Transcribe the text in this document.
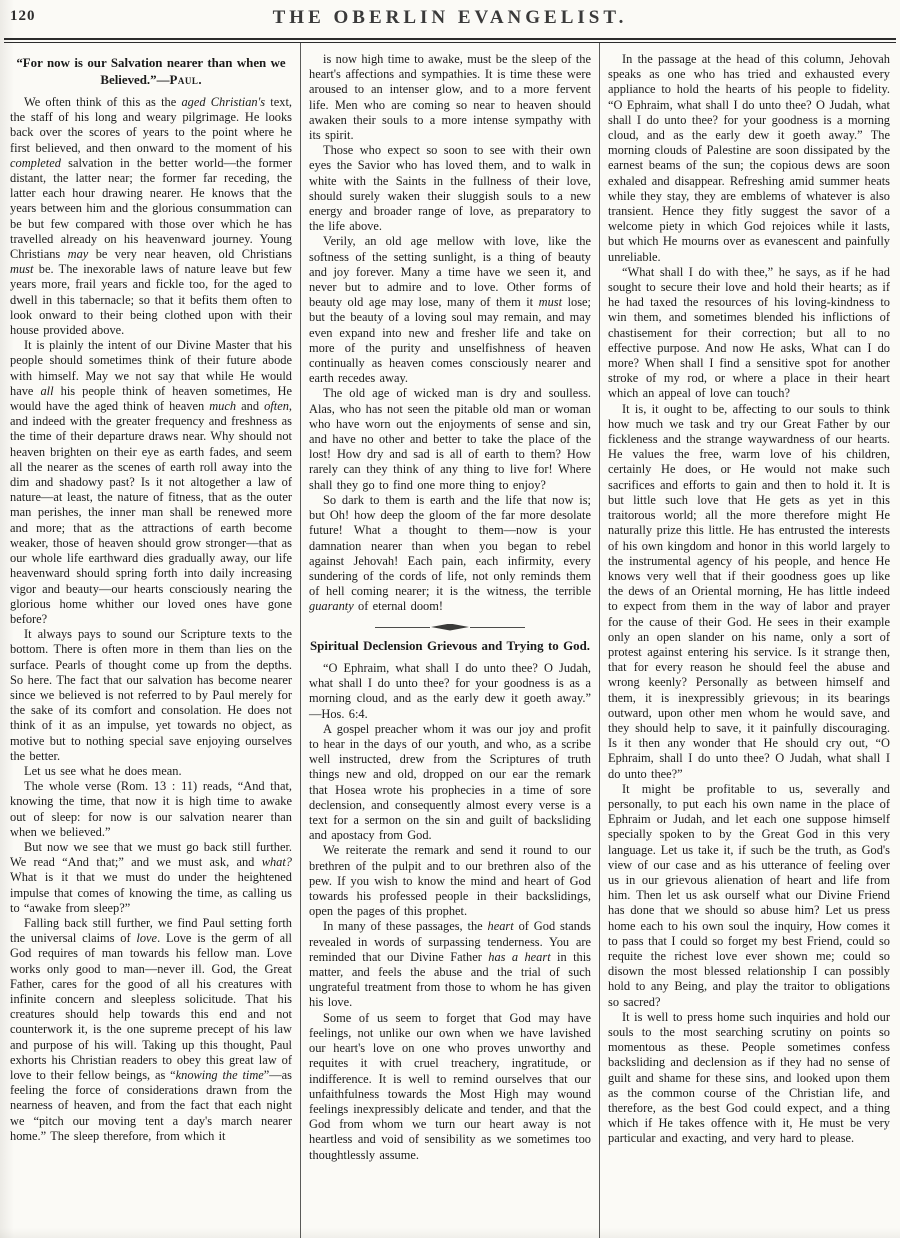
120	THE OBERLIN EVANGELIST.
“For now is our Salvation nearer than when we Believed.”—Paul.

We often think of this as the aged Christian's text, the staff of his long and weary pilgrimage. He looks back over the scores of years to the point where he first believed, and then onward to the moment of his completed salvation in the better world—the former distant, the latter near; the former far receding, the latter each hour drawing nearer. He knows that the years between him and the glorious consummation can be but few compared with those over which he has travelled already on his heavenward journey. Young Christians may be very near heaven, old Christians must be. The inexorable laws of nature leave but few years more, frail years and fickle too, for the aged to dwell in this tabernacle; so that it befits them often to look onward to their being clothed upon with their house provided above.

It is plainly the intent of our Divine Master that his people should sometimes think of their future abode with himself. May we not say that while He would have all his people think of heaven sometimes, He would have the aged think of heaven much and often, and indeed with the greater frequency and freshness as the time of their departure draws near. Why should not heaven brighten on their eye as earth fades, and seem all the nearer as the scenes of earth roll away into the dim and shadowy past? Is it not altogether a law of nature—at least, the nature of fitness, that as the outer man perishes, the inner man shall be renewed more and more; that as the attractions of earth become weaker, those of heaven should grow stronger—that as our whole life earthward dies gradually away, our life heavenward should spring forth into daily increasing vigor and beauty—our hearts consciously nearing the glorious home whither our loved ones have gone before?

It always pays to sound our Scripture texts to the bottom. There is often more in them than lies on the surface. Pearls of thought come up from the depths. So here. The fact that our salvation has become nearer since we believed is not referred to by Paul merely for the sake of its comfort and consolation. He does not think of it as an impulse, yet towards no object, as motive but to nothing special save enjoying ourselves the better.

Let us see what he does mean.

The whole verse (Rom. 13 : 11) reads, “And that, knowing the time, that now it is high time to awake out of sleep: for now is our salvation nearer than when we believed.”

But now we see that we must go back still further. We read “And that;” and we must ask, and what? What is it that we must do under the heightened impulse that comes of knowing the time, as calling us to “awake from sleep?”

Falling back still further, we find Paul setting forth the universal claims of love. Love is the germ of all God requires of man towards his fellow man. Love works only good to man—never ill. God, the Great Father, cares for the good of all his creatures with infinite concern and sleepless solicitude. That his creatures should help towards this end and not counterwork it, is the one supreme precept of his law and purpose of his will. Taking up this thought, Paul exhorts his Christian readers to obey this great law of love to their fellow beings, as “knowing the time”—as feeling the force of considerations drawn from the nearness of heaven, and from the fact that each night we “pitch our moving tent a day's march nearer home.” The sleep therefore, from which it

is now high time to awake, must be the sleep of the heart's affections and sympathies. It is time these were aroused to an intenser glow, and to a more fervent life. Men who are coming so near to heaven should awaken their souls to a more intense sympathy with its spirit.

Those who expect so soon to see with their own eyes the Savior who has loved them, and to walk in white with the Saints in the fullness of their love, should surely waken their sluggish souls to a new energy and broader range of love, as preparatory to the life above.

Verily, an old age mellow with love, like the softness of the setting sunlight, is a thing of beauty and joy forever. Many a time have we seen it, and never but to admire and to love. Other forms of beauty old age may lose, many of them it must lose; but the beauty of a loving soul may remain, and may even expand into new and fresher life and take on more of the purity and unselfishness of heaven continually as heaven comes consciously nearer and earth recedes away.

The old age of wicked man is dry and soulless. Alas, who has not seen the pitable old man or woman who have worn out the enjoyments of sense and sin, and have no other and better to take the place of the lost! How dry and sad is all of earth to them? How rarely can they think of any thing to live for! Where shall they go to find one more thing to enjoy?

So dark to them is earth and the life that now is; but Oh! how deep the gloom of the far more desolate future! What a thought to them—now is your damnation nearer than when you began to rebel against Jehovah! Each pain, each infirmity, every sundering of the cords of life, not only reminds them of hell coming nearer; it is the witness, the terrible guaranty of eternal doom!

Spiritual Declension Grievous and Trying to God.

“O Ephraim, what shall I do unto thee? O Judah, what shall I do unto thee? for your goodness is as a morning cloud, and as the early dew it goeth away.” —Hos. 6:4.

A gospel preacher whom it was our joy and profit to hear in the days of our youth, and who, as a scribe well instructed, drew from the Scriptures of truth things new and old, dropped on our ear the remark that Hosea wrote his prophecies in a time of sore declension, and consequently almost every verse is a text for a sermon on the sin and guilt of backsliding and apostacy from God.

We reiterate the remark and send it round to our brethren of the pulpit and to our brethren also of the pew. If you wish to know the mind and heart of God towards his professed people in their backslidings, open the pages of this prophet.

In many of these passages, the heart of God stands revealed in words of surpassing tenderness. You are reminded that our Divine Father has a heart in this matter, and feels the abuse and the trial of such ungrateful treatment from those to whom he has given his love.

Some of us seem to forget that God may have feelings, not unlike our own when we have lavished our heart's love on one who proves unworthy and requites it with cruel treachery, ingratitude, or indifference. It is well to remind ourselves that our unfaithfulness towards the Most High may wound feelings inexpressibly delicate and tender, and that the God from whom we turn our heart away is not heartless and void of sensibility as we sometimes too thoughtlessly assume.

In the passage at the head of this column, Jehovah speaks as one who has tried and exhausted every appliance to hold the hearts of his people to fidelity. “O Ephraim, what shall I do unto thee? O Judah, what shall I do unto thee? for your goodness is a morning cloud, and as the early dew it goeth away.” The morning clouds of Palestine are soon dissipated by the earnest beams of the sun; the copious dews are soon exhaled and disappear. Refreshing amid summer heats while they stay, they are emblems of whatever is also transient. Hence they fitly suggest the savor of a welcome piety in which God rejoices while it lasts, but which He mourns over as evanescent and painfully unreliable.

“What shall I do with thee,” he says, as if he had sought to secure their love and hold their hearts; as if he had taxed the resources of his loving-kindness to win them, and sometimes blended his inflictions of chastisement for their correction; but all to no effective purpose. And now He asks, What can I do more? When shall I find a sensitive spot for another stroke of my rod, or where a place in their heart which an appeal of love can touch?

It is, it ought to be, affecting to our souls to think how much we task and try our Great Father by our fickleness and the strange waywardness of our hearts. He values the free, warm love of his children, certainly He does, or He would not make such sacrifices and efforts to gain and then to hold it. It is but little such love that He gets as yet in this traitorous world; all the more therefore might He naturally prize this little. He has entrusted the interests of his own kingdom and honor in this world largely to the instrumental agency of his people, and hence He knows very well that if their goodness goes up like the dews of an Oriental morning, He has little indeed to expect from them in the way of labor and prayer for the cause of their God. He sees in their example only an open slander on his name, only a sort of protest against entering his service. Is it strange then, that for every reason he should feel the abuse and wrong keenly? Personally as between himself and them, it is inexpressibly grievous; in its bearings outward, upon other men whom he would save, and they should help to save, it it painfully discouraging. Is it then any wonder that He should cry out, “O Ephraim, shall I do unto thee? O Judah, what shall I do unto thee?”

It might be profitable to us, severally and personally, to put each his own name in the place of Ephraim or Judah, and let each one suppose himself specially spoken to by the Great God in this very language. Let us take it, if such be the truth, as God's view of our case and as his utterance of feeling over us in our grievous alienation of heart and life from him. Then let us ask ourself what our Divine Friend has done that we should so abuse him? Let us press home each to his own soul the inquiry, How comes it to pass that I could so forget my best Friend, could so requite the richest love ever shown me; could so disown the most blessed relationship I can possibly hold to any Being, and play the traitor to obligations so sacred?

It is well to press home such inquiries and hold our souls to the most searching scrutiny on points so momentous as these. People sometimes confess backsliding and declension as if they had no sense of guilt and shame for these sins, and looked upon them as the common course of the Christian life, and therefore, as the best God could expect, and a thing which if He takes offence with it, He must be very particular and exacting, and very hard to please.
